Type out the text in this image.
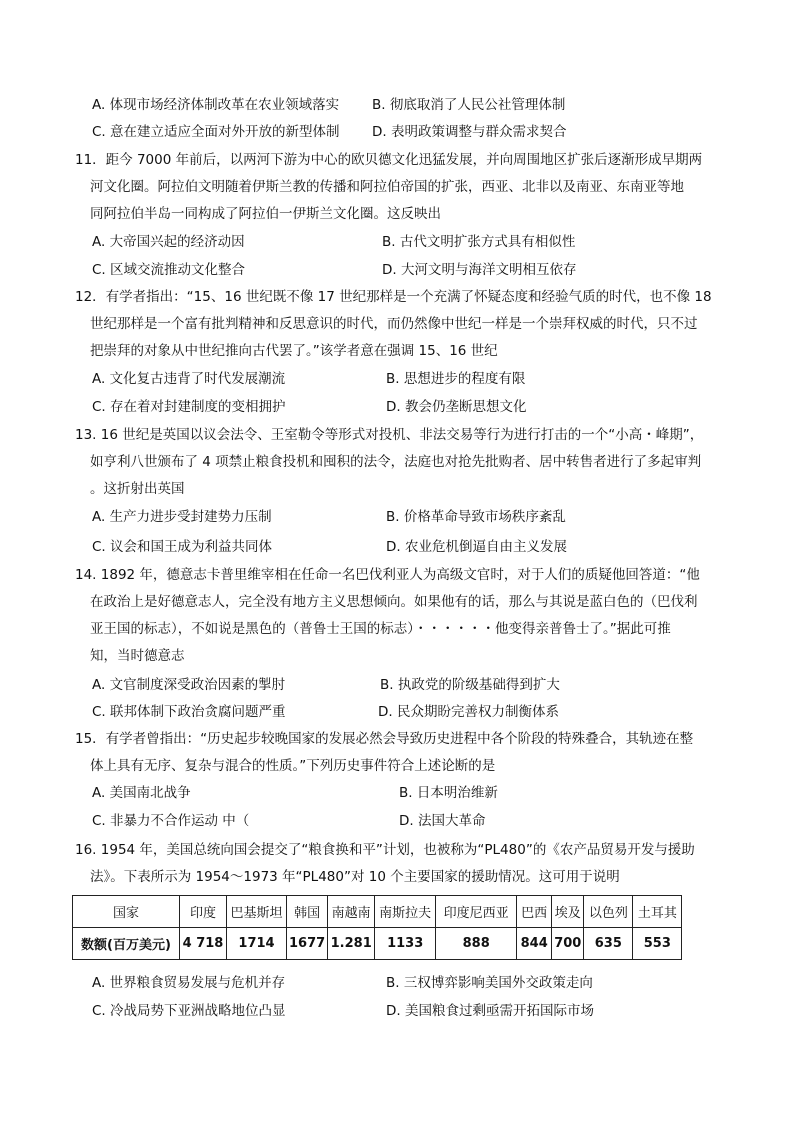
A. 体现市场经济体制改革在农业领域落实 B. 彻底取消了人民公社管理体制
C. 意在建立适应全面对外开放的新型体制 D. 表明政策调整与群众需求契合
11．距今 7000 年前后，以两河下游为中心的欧贝德文化迅猛发展，并向周围地区扩张后逐渐形成早期两
河文化圈。阿拉伯文明随着伊斯兰教的传播和阿拉伯帝国的扩张，西亚、北非以及南亚、东南亚等地
同阿拉伯半岛一同构成了阿拉伯一伊斯兰文化圈。这反映出
A. 大帝国兴起的经济动因	B. 古代文明扩张方式具有相似性
C. 区域交流推动文化整合	D. 大河文明与海洋文明相互依存
12．有学者指出：“15、16 世纪既不像 17 世纪那样是一个充满了怀疑态度和经验气质的时代，也不像 18
世纪那样是一个富有批判精神和反思意识的时代，而仍然像中世纪一样是一个崇拜权威的时代，只不过
把崇拜的对象从中世纪推向古代罢了。”该学者意在强调 15、16 世纪
A. 文化复古违背了时代发展潮流	B. 思想进步的程度有限
C. 存在着对封建制度的变相拥护	D. 教会仍垄断思想文化
13. 16 世纪是英国以议会法令、王室勒令等形式对投机、非法交易等行为进行打击的一个“小高・峰期”，
如亨利八世颁布了 4 项禁止粮食投机和囤积的法令，法庭也对抢先批购者、居中转售者进行了多起审判
。这折射出英国
A. 生产力进步受封建势力压制	B. 价格革命导致市场秩序紊乱
C. 议会和国王成为利益共同体	D. 农业危机倒逼自由主义发展
14. 1892 年，德意志卡普里维宰相在任命一名巴伐利亚人为高级文官时，对于人们的质疑他回答道：“他
在政治上是好德意志人，完全没有地方主义思想倾向。如果他有的话，那么与其说是蓝白色的（巴伐利
亚王国的标志），不如说是黑色的（普鲁士王国的标志）・・・・・・他变得亲普鲁士了。”据此可推
知，当时德意志
A. 文官制度深受政治因素的掣肘	B. 执政党的阶级基础得到扩大
C. 联邦体制下政治贪腐问题严重	D. 民众期盼完善权力制衡体系
15．有学者曾指出：“历史起步较晚国家的发展必然会导致历史进程中各个阶段的特殊叠合，其轨迹在整
体上具有无序、复杂与混合的性质。”下列历史事件符合上述论断的是
A. 美国南北战争	B. 日本明治维新
C. 非暴力不合作运动 中（	D. 法国大革命
16. 1954 年，美国总统向国会提交了“粮食换和平”计划，也被称为“PL480”的《农产品贸易开发与援助
法》。下表所示为 1954～1973 年“PL480”对 10 个主要国家的援助情况。这可用于说明
国家	印度	巴基斯坦	韩国	南越南	南斯拉夫	印度尼西亚	巴西	埃及	以色列	土耳其
数额(百万美元)	4 718	1714	1677	1.281	1133	888	844	700	635	553
A. 世界粮食贸易发展与危机并存	B. 三权博弈影响美国外交政策走向
C. 冷战局势下亚洲战略地位凸显	D. 美国粮食过剩亟需开拓国际市场
